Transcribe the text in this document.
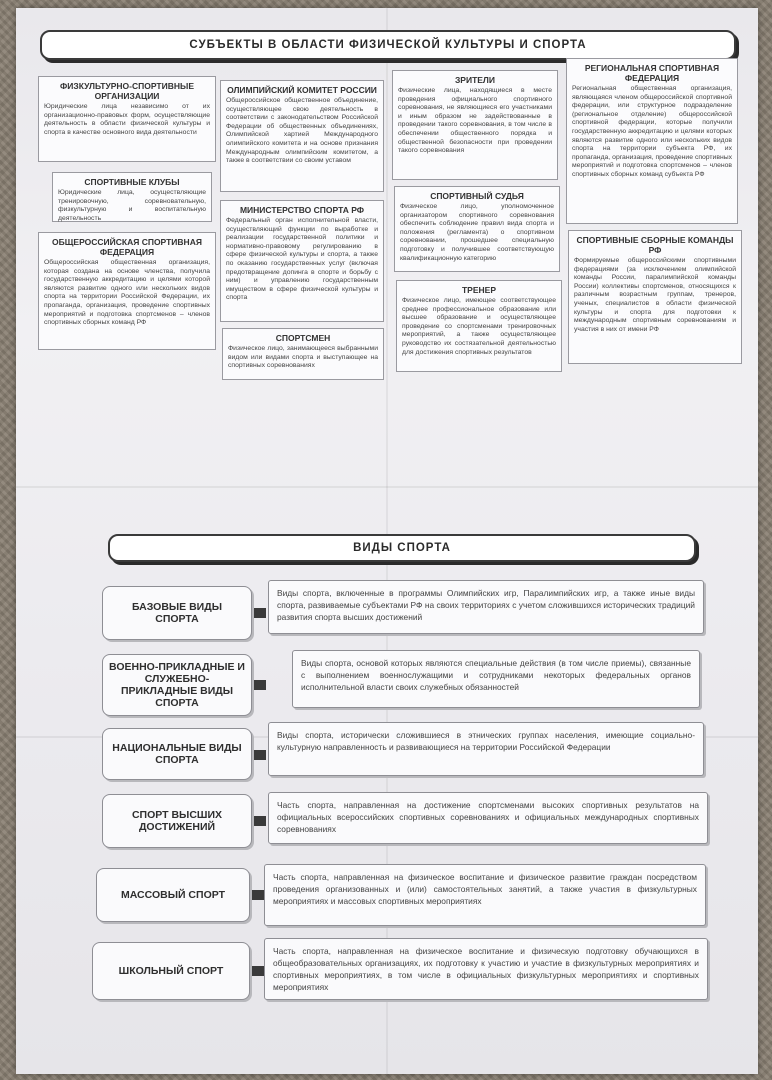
СУБЪЕКТЫ В ОБЛАСТИ ФИЗИЧЕСКОЙ КУЛЬТУРЫ И СПОРТА
ФИЗКУЛЬТУРНО-СПОРТИВНЫЕ ОРГАНИЗАЦИИ
Юридические лица независимо от их организационно-правовых форм, осуществляющие деятельность в области физической культуры и спорта в качестве основного вида деятельности
СПОРТИВНЫЕ КЛУБЫ
Юридические лица, осуществляющие тренировочную, соревновательную, физкультурную и воспитательную деятельность
ОБЩЕРОССИЙСКАЯ СПОРТИВНАЯ ФЕДЕРАЦИЯ
Общероссийская общественная организация, которая создана на основе членства, получила государственную аккредитацию и целями которой являются развитие одного или нескольких видов спорта на территории Российской Федерации, их пропаганда, организация, проведение спортивных мероприятий и подготовка спортсменов – членов спортивных сборных команд РФ
ОЛИМПИЙСКИЙ КОМИТЕТ РОССИИ
Общероссийское общественное объединение, осуществляющее свою деятельность в соответствии с законодательством Российской Федерации об общественных объединениях, Олимпийской хартией Международного олимпийского комитета и на основе признания Международным олимпийским комитетом, а также в соответствии со своим уставом
МИНИСТЕРСТВО СПОРТА РФ
Федеральный орган исполнительной власти, осуществляющий функции по выработке и реализации государственной политики и нормативно-правовому регулированию в сфере физической культуры и спорта, а также по оказанию государственных услуг (включая предотвращение допинга в спорте и борьбу с ним) и управлению государственным имуществом в сфере физической культуры и спорта
СПОРТСМЕН
Физическое лицо, занимающееся выбранными видом или видами спорта и выступающее на спортивных соревнованиях
ЗРИТЕЛИ
Физические лица, находящиеся в месте проведения официального спортивного соревнования, не являющиеся его участниками и иным образом не задействованные в проведении такого соревнования, в том числе в обеспечении общественного порядка и общественной безопасности при проведении такого соревнования
СПОРТИВНЫЙ СУДЬЯ
Физическое лицо, уполномоченное организатором спортивного соревнования обеспечить соблюдение правил вида спорта и положения (регламента) о спортивном соревновании, прошедшее специальную подготовку и получившее соответствующую квалификационную категорию
ТРЕНЕР
Физическое лицо, имеющее соответствующее среднее профессиональное образование или высшее образование и осуществляющее проведение со спортсменами тренировочных мероприятий, а также осуществляющее руководство их состязательной деятельностью для достижения спортивных результатов
РЕГИОНАЛЬНАЯ СПОРТИВНАЯ ФЕДЕРАЦИЯ
Региональная общественная организация, являющаяся членом общероссийской спортивной федерации, или структурное подразделение (региональное отделение) общероссийской спортивной федерации, которые получили государственную аккредитацию и целями которых являются развитие одного или нескольких видов спорта на территории субъекта РФ, их пропаганда, организация, проведение спортивных мероприятий и подготовка спортсменов – членов спортивных сборных команд субъекта РФ
СПОРТИВНЫЕ СБОРНЫЕ КОМАНДЫ РФ
Формируемые общероссийскими спортивными федерациями (за исключением олимпийской команды России, паралимпийской команды России) коллективы спортсменов, относящихся к различным возрастным группам, тренеров, ученых, специалистов в области физической культуры и спорта для подготовки к международным спортивным соревнованиям и участия в них от имени РФ
ВИДЫ СПОРТА
БАЗОВЫЕ ВИДЫ СПОРТА
Виды спорта, включенные в программы Олимпийских игр, Паралимпийских игр, а также иные виды спорта, развиваемые субъектами РФ на своих территориях с учетом сложившихся исторических традиций развития спорта высших достижений
ВОЕННО-ПРИКЛАДНЫЕ И СЛУЖЕБНО-ПРИКЛАДНЫЕ ВИДЫ СПОРТА
Виды спорта, основой которых являются специальные действия (в том числе приемы), связанные с выполнением военнослужащими и сотрудниками некоторых федеральных органов исполнительной власти своих служебных обязанностей
НАЦИОНАЛЬНЫЕ ВИДЫ СПОРТА
Виды спорта, исторически сложившиеся в этнических группах населения, имеющие социально-культурную направленность и развивающиеся на территории Российской Федерации
СПОРТ ВЫСШИХ ДОСТИЖЕНИЙ
Часть спорта, направленная на достижение спортсменами высоких спортивных результатов на официальных всероссийских спортивных соревнованиях и официальных международных спортивных соревнованиях
МАССОВЫЙ СПОРТ
Часть спорта, направленная на физическое воспитание и физическое развитие граждан посредством проведения организованных и (или) самостоятельных занятий, а также участия в физкультурных мероприятиях и массовых спортивных мероприятиях
ШКОЛЬНЫЙ СПОРТ
Часть спорта, направленная на физическое воспитание и физическую подготовку обучающихся в общеобразовательных организациях, их подготовку к участию и участие в физкультурных мероприятиях и спортивных мероприятиях, в том числе в официальных физкультурных мероприятиях и спортивных мероприятиях
